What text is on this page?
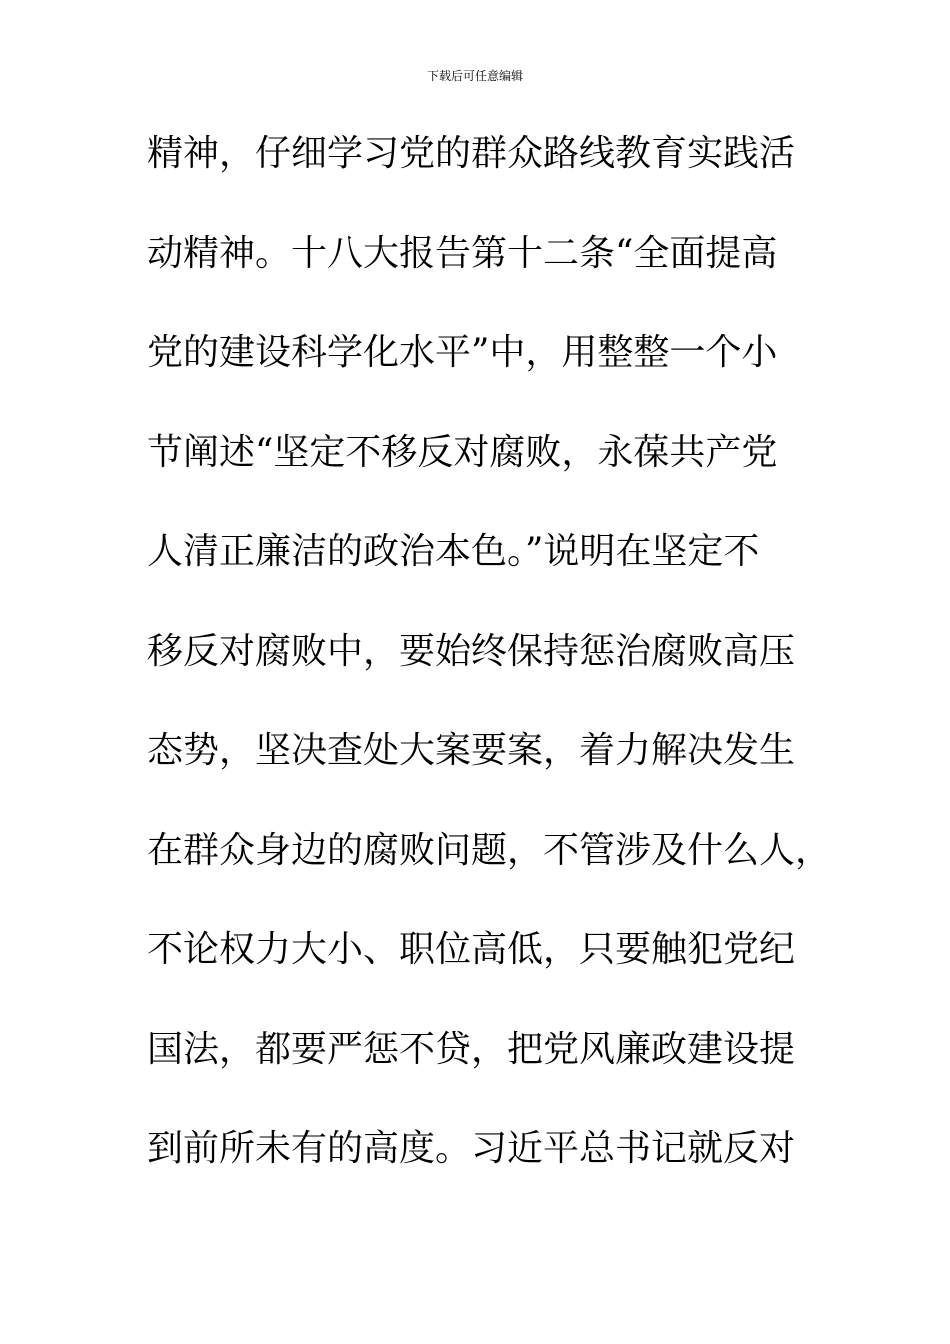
下载后可任意编辑
精神，仔细学习党的群众路线教育实践活
动精神。十八大报告第十二条“全面提高
党的建设科学化水平”中，用整整一个小
节阐述“坚定不移反对腐败，永葆共产党
人清正廉洁的政治本色。”说明在坚定不
移反对腐败中，要始终保持惩治腐败高压
态势，坚决查处大案要案，着力解决发生
在群众身边的腐败问题，不管涉及什么人，
不论权力大小、职位高低，只要触犯党纪
国法，都要严惩不贷，把党风廉政建设提
到前所未有的高度。习近平总书记就反对
